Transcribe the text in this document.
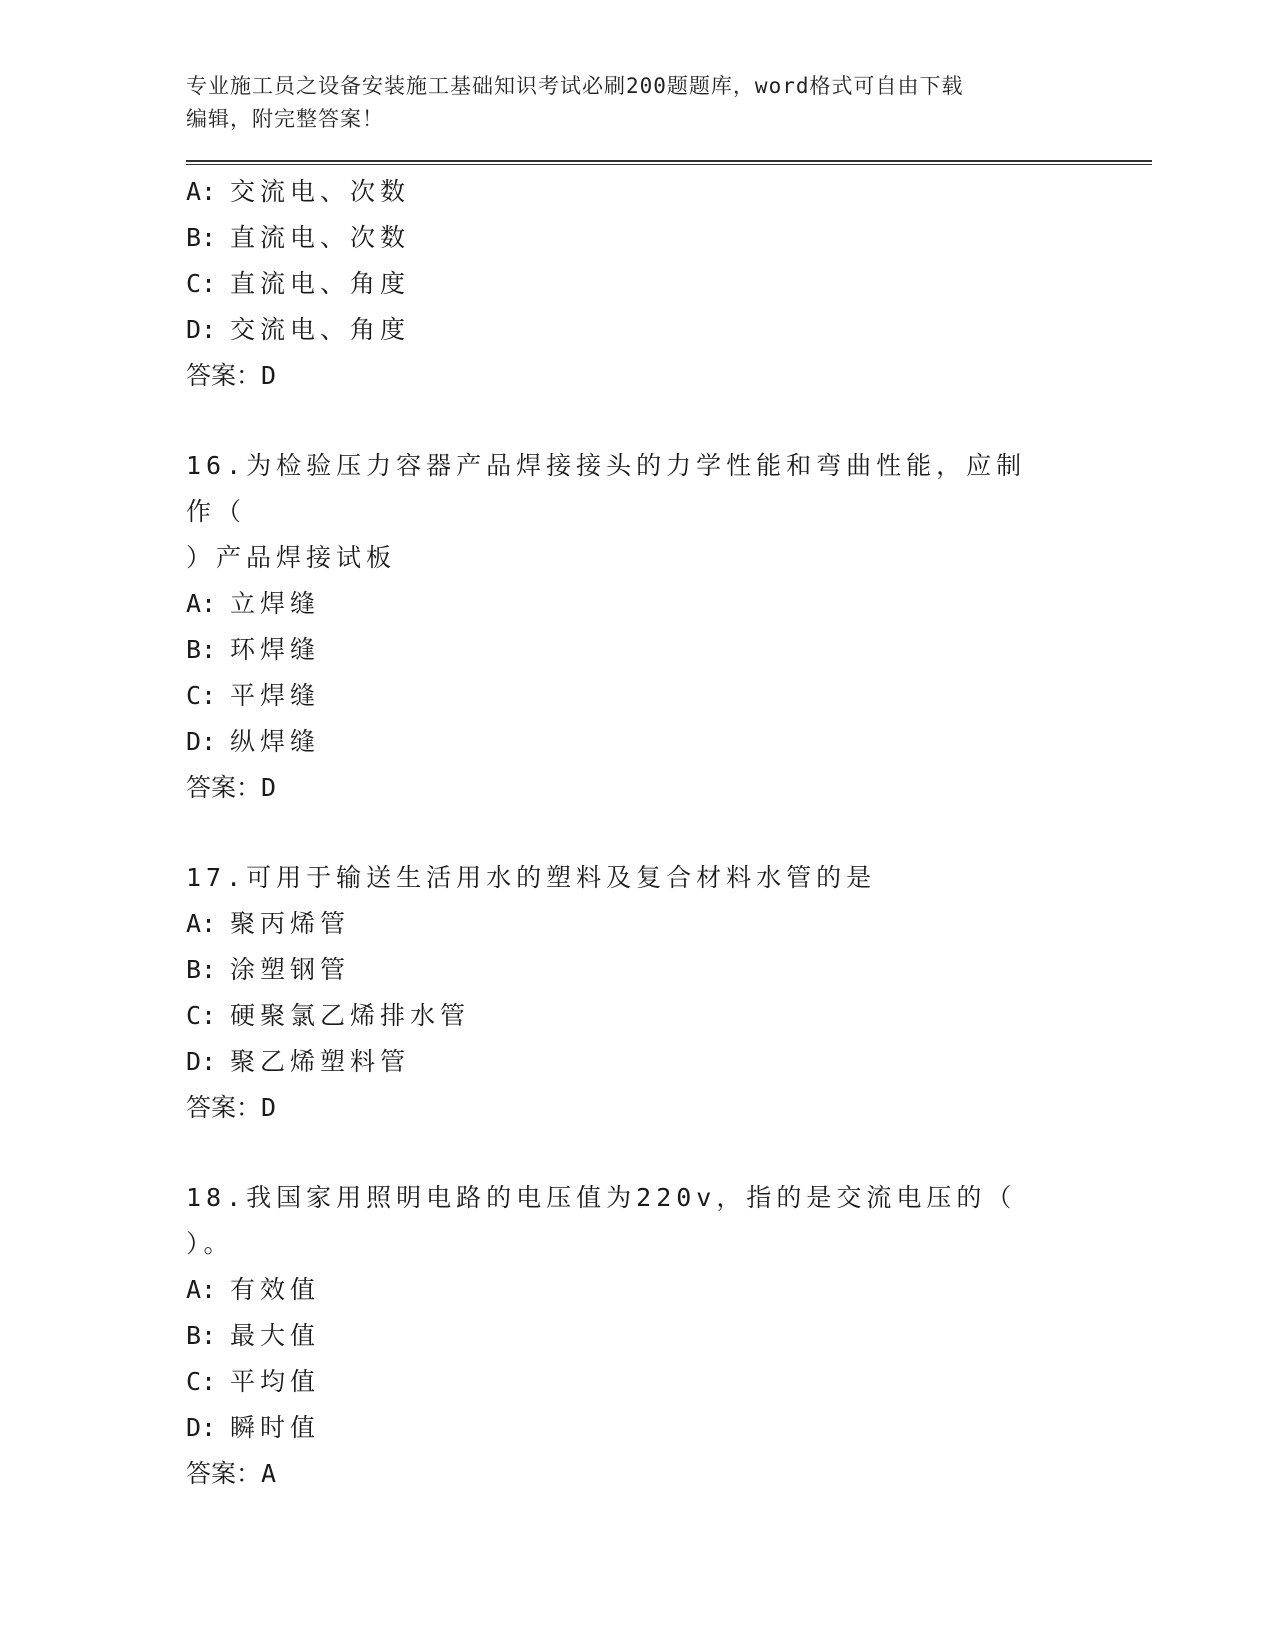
专业施工员之设备安装施工基础知识考试必刷200题题库，word格式可自由下载
编辑，附完整答案！
A: 交流电、次数
B: 直流电、次数
C: 直流电、角度
D: 交流电、角度
答案：D
16.为检验压力容器产品焊接接头的力学性能和弯曲性能，应制作（
）产品焊接试板
A: 立焊缝
B: 环焊缝
C: 平焊缝
D: 纵焊缝
答案：D
17.可用于输送生活用水的塑料及复合材料水管的是
A: 聚丙烯管
B: 涂塑钢管
C: 硬聚氯乙烯排水管
D: 聚乙烯塑料管
答案：D
18.我国家用照明电路的电压值为220v，指的是交流电压的（ ）。
A: 有效值
B: 最大值
C: 平均值
D: 瞬时值
答案：A
